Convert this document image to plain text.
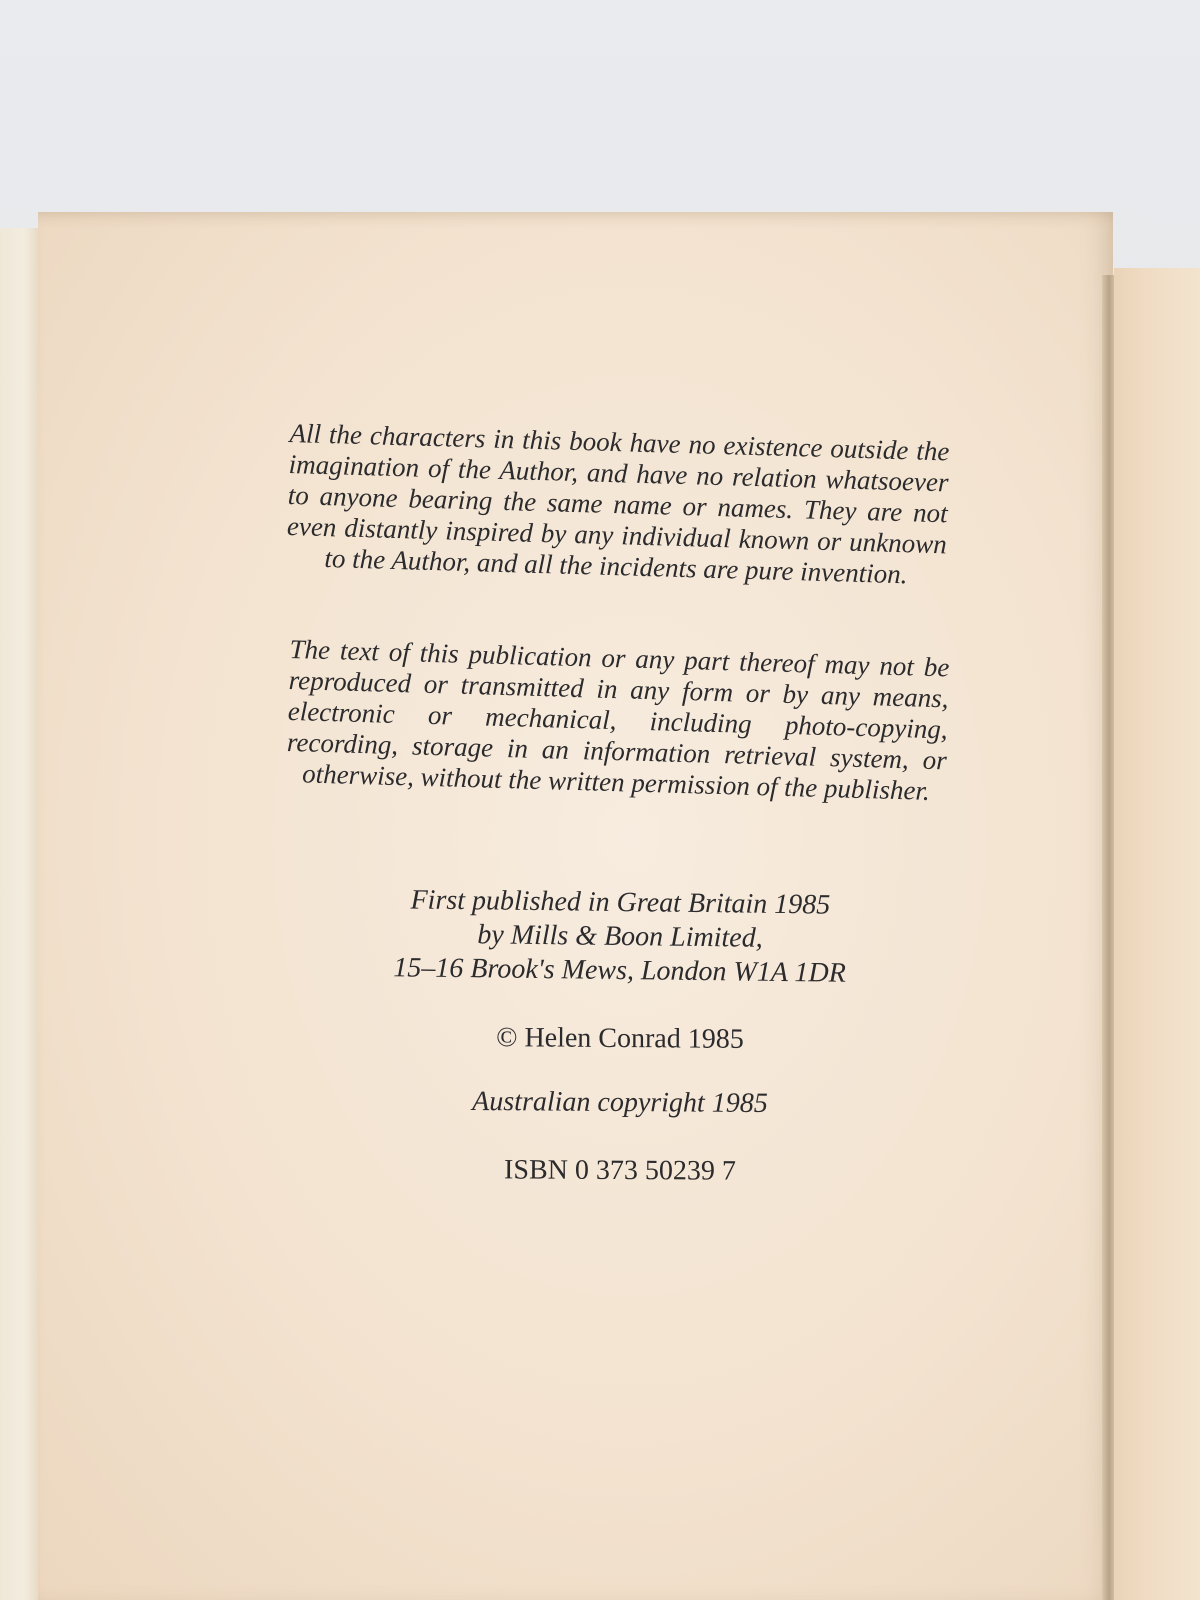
All the characters in this book have no existence outside the imagination of the Author, and have no relation whatsoever to anyone bearing the same name or names. They are not even distantly inspired by any individual known or unknown to the Author, and all the incidents are pure invention.

The text of this publication or any part thereof may not be reproduced or transmitted in any form or by any means, electronic or mechanical, including photo-copying, recording, storage in an information retrieval system, or otherwise, without the written permission of the publisher.

First published in Great Britain 1985
by Mills & Boon Limited,
15–16 Brook's Mews, London W1A 1DR
© Helen Conrad 1985
Australian copyright 1985
ISBN 0 373 50239 7
